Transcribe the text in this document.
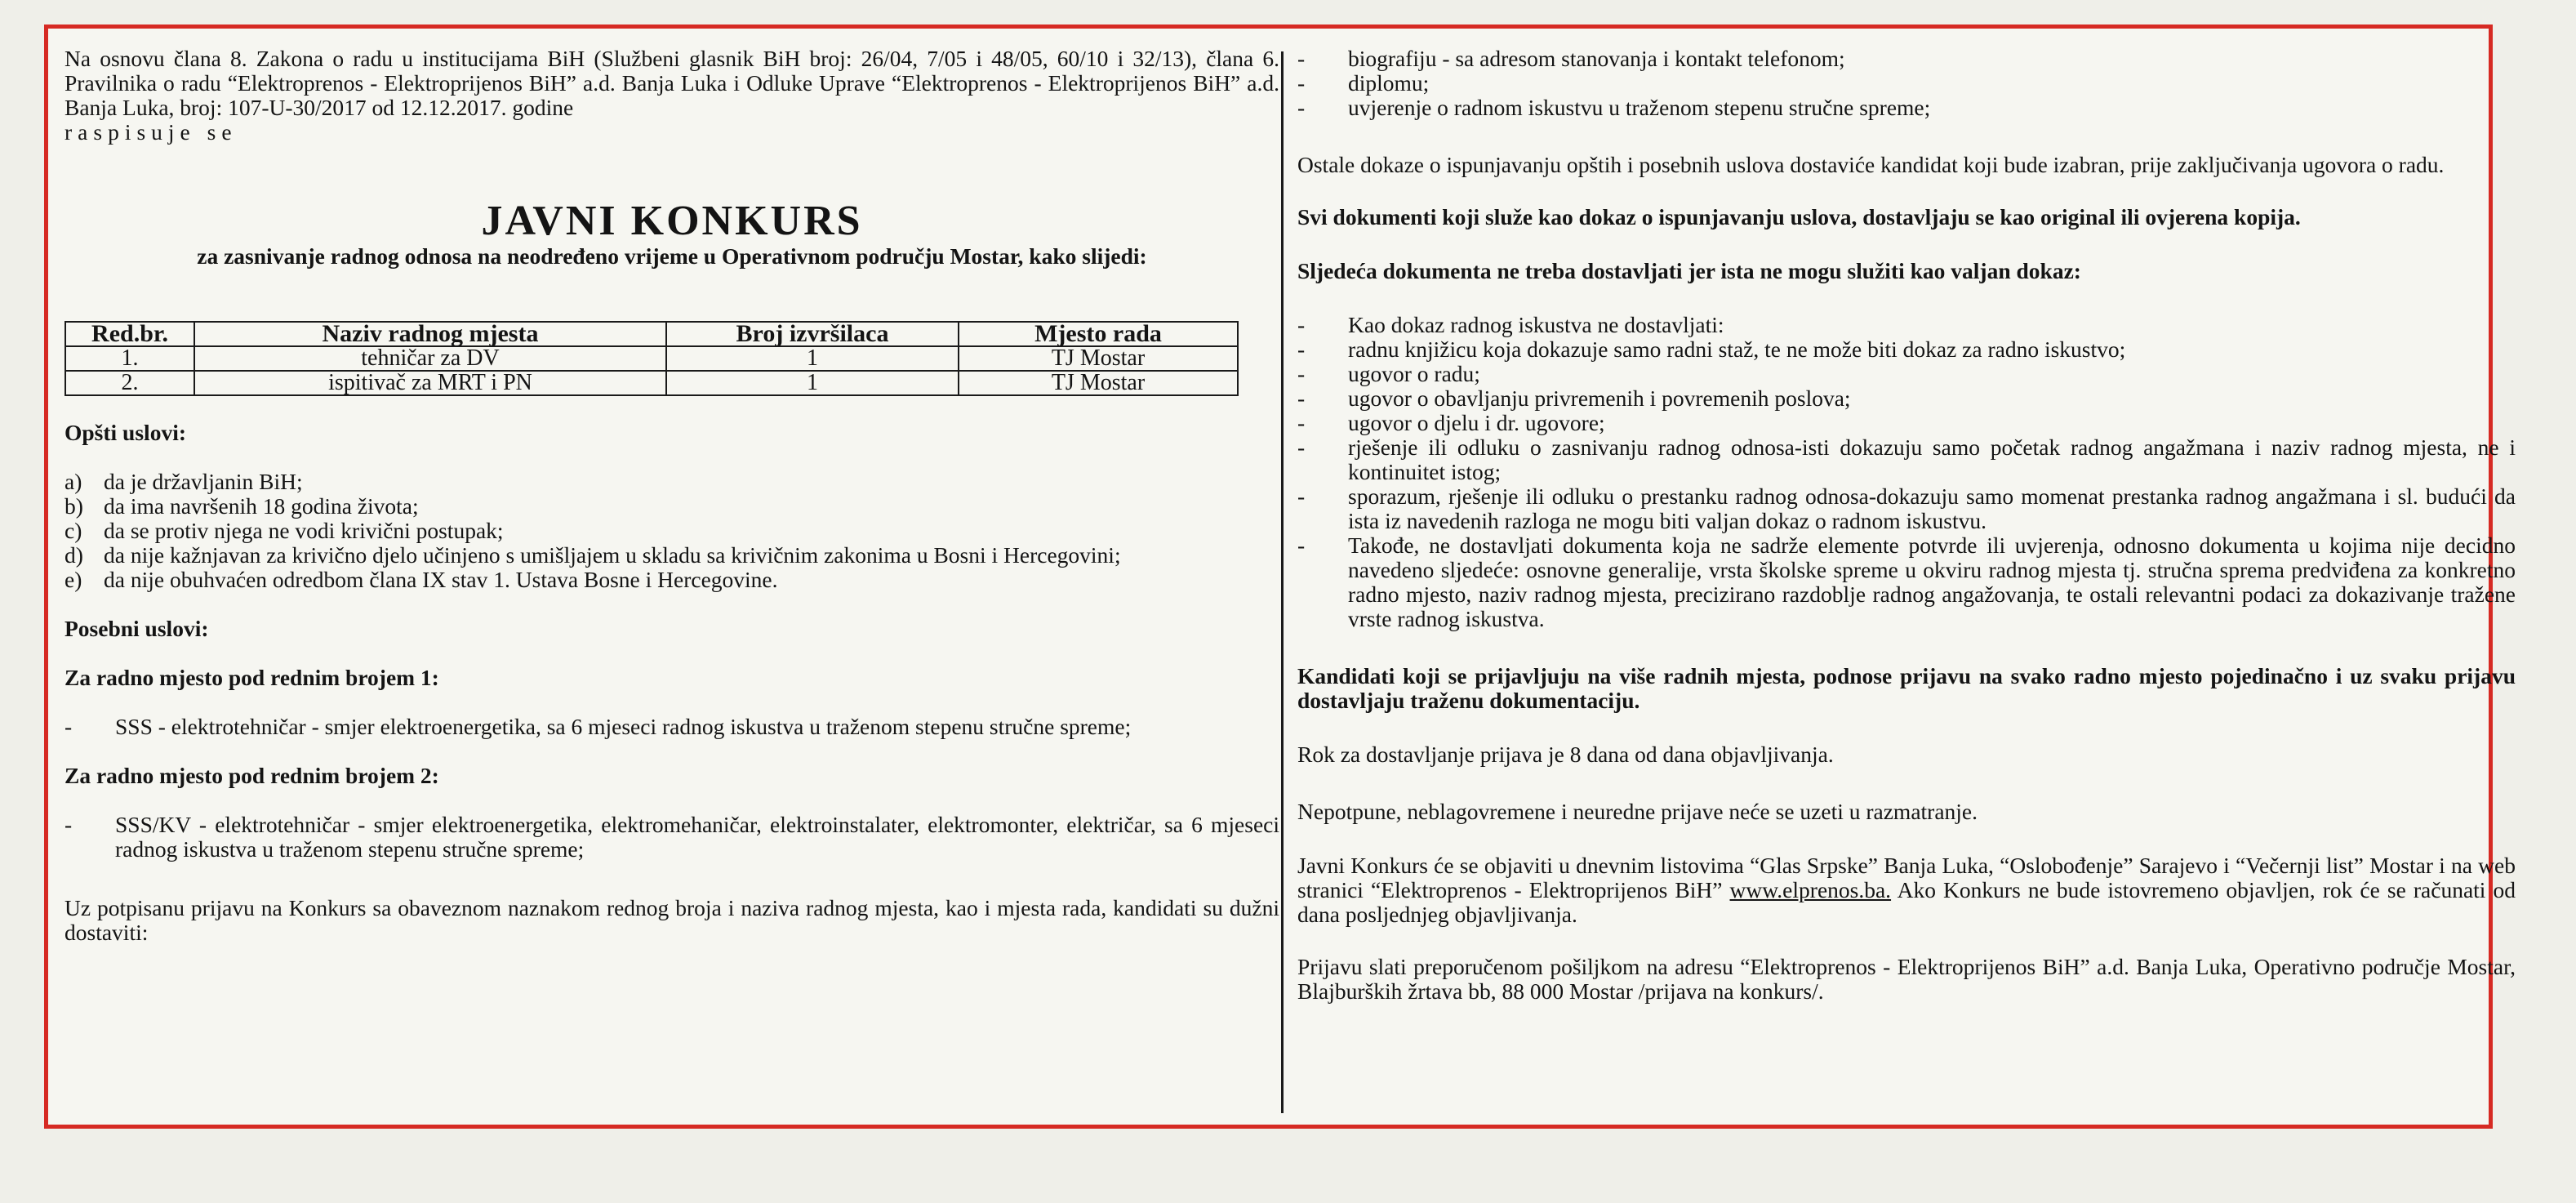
Na osnovu člana 8. Zakona o radu u institucijama BiH (Službeni glasnik BiH broj: 26/04, 7/05 i 48/05, 60/10 i 32/13), člana 6. Pravilnika o radu “Elektroprenos - Elektroprijenos BiH” a.d. Banja Luka i Odluke Uprave “Elektroprenos - Elektroprijenos BiH” a.d. Banja Luka, broj: 107-U-30/2017 od 12.12.2017. godine

raspisuje se

JAVNI KONKURS
za zasnivanje radnog odnosa na neodređeno vrijeme u Operativnom području Mostar, kako slijedi:
Red.br.	Naziv radnog mjesta	Broj izvršilaca	Mjesto rada
1.	tehničar za DV	1	TJ Mostar
2.	ispitivač za MRT i PN	1	TJ Mostar

Opšti uslovi:

a) da je državljanin BiH;
b) da ima navršenih 18 godina života;
c) da se protiv njega ne vodi krivični postupak;
d) da nije kažnjavan za krivično djelo učinjeno s umišljajem u skladu sa krivičnim zakonima u Bosni i Hercegovini;
e) da nije obuhvaćen odredbom člana IX stav 1. Ustava Bosne i Hercegovine.

Posebni uslovi:

Za radno mjesto pod rednim brojem 1:

-	SSS - elektrotehničar - smjer elektroenergetika, sa 6 mjeseci radnog iskustva u traženom stepenu stručne spreme;

Za radno mjesto pod rednim brojem 2:

-	SSS/KV - elektrotehničar - smjer elektroenergetika, elektromehaničar, elektroinstalater, elektromonter, električar, sa 6 mjeseci radnog iskustva u traženom stepenu stručne spreme;

Uz potpisanu prijavu na Konkurs sa obaveznom naznakom rednog broja i naziva radnog mjesta, kao i mjesta rada, kandidati su dužni dostaviti:

-	biografiju - sa adresom stanovanja i kontakt telefonom;
-	diplomu;
-	uvjerenje o radnom iskustvu u traženom stepenu stručne spreme;

Ostale dokaze o ispunjavanju opštih i posebnih uslova dostaviće kandidat koji bude izabran, prije zaključivanja ugovora o radu.

Svi dokumenti koji služe kao dokaz o ispunjavanju uslova, dostavljaju se kao original ili ovjerena kopija.

Sljedeća dokumenta ne treba dostavljati jer ista ne mogu služiti kao valjan dokaz:

-	Kao dokaz radnog iskustva ne dostavljati:
-	radnu knjižicu koja dokazuje samo radni staž, te ne može biti dokaz za radno iskustvo;
-	ugovor o radu;
-	ugovor o obavljanju privremenih i povremenih poslova;
-	ugovor o djelu i dr. ugovore;
-	rješenje ili odluku o zasnivanju radnog odnosa-isti dokazuju samo početak radnog angažmana i naziv radnog mjesta, ne i kontinuitet istog;
-	sporazum, rješenje ili odluku o prestanku radnog odnosa-dokazuju samo momenat prestanka radnog angažmana i sl. budući da ista iz navedenih razloga ne mogu biti valjan dokaz o radnom iskustvu.
-	Takođe, ne dostavljati dokumenta koja ne sadrže elemente potvrde ili uvjerenja, odnosno dokumenta u kojima nije decidno navedeno sljedeće: osnovne generalije, vrsta školske spreme u okviru radnog mjesta tj. stručna sprema predviđena za konkretno radno mjesto, naziv radnog mjesta, precizirano razdoblje radnog angažovanja, te ostali relevantni podaci za dokazivanje tražene vrste radnog iskustva.

Kandidati koji se prijavljuju na više radnih mjesta, podnose prijavu na svako radno mjesto pojedinačno i uz svaku prijavu dostavljaju traženu dokumentaciju.

Rok za dostavljanje prijava je 8 dana od dana objavljivanja.

Nepotpune, neblagovremene i neuredne prijave neće se uzeti u razmatranje.

Javni Konkurs će se objaviti u dnevnim listovima “Glas Srpske” Banja Luka, “Oslobođenje” Sarajevo i “Večernji list” Mostar i na web stranici “Elektroprenos - Elektroprijenos BiH” www.elprenos.ba. Ako Konkurs ne bude istovremeno objavljen, rok će se računati od dana posljednjeg objavljivanja.

Prijavu slati preporučenom pošiljkom na adresu “Elektroprenos - Elektroprijenos BiH” a.d. Banja Luka, Operativno područje Mostar, Blajburških žrtava bb, 88 000 Mostar /prijava na konkurs/.
